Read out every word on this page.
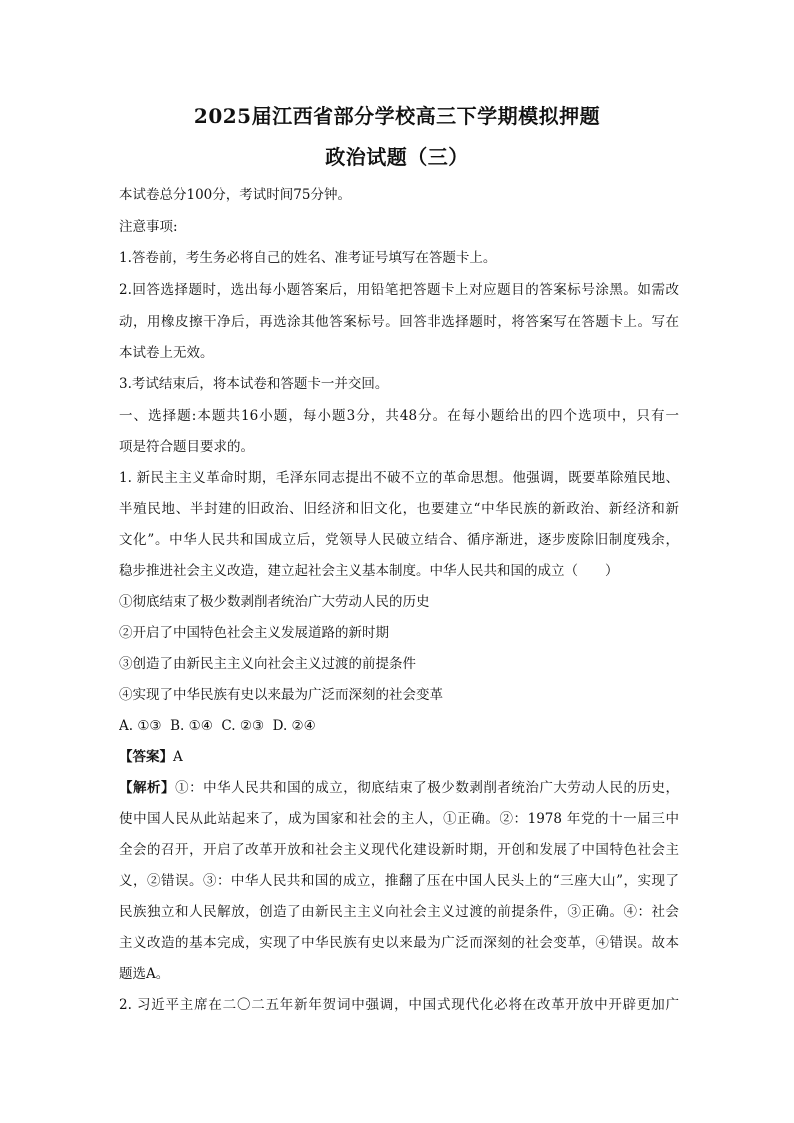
2025届江西省部分学校高三下学期模拟押题
政治试题（三）
本试卷总分100分，考试时间75分钟。
注意事项:
1.答卷前，考生务必将自己的姓名、准考证号填写在答题卡上。
2.回答选择题时，选出每小题答案后，用铅笔把答题卡上对应题目的答案标号涂黑。如需改
动，用橡皮擦干净后，再选涂其他答案标号。回答非选择题时，将答案写在答题卡上。写在
本试卷上无效。
3.考试结束后，将本试卷和答题卡一并交回。
一、选择题:本题共16小题，每小题3分，共48分。在每小题给出的四个选项中，只有一
项是符合题目要求的。
1. 新民主主义革命时期，毛泽东同志提出不破不立的革命思想。他强调，既要革除殖民地、
半殖民地、半封建的旧政治、旧经济和旧文化，也要建立“中华民族的新政治、新经济和新
文化”。中华人民共和国成立后，党领导人民破立结合、循序渐进，逐步废除旧制度残余，
稳步推进社会主义改造，建立起社会主义基本制度。中华人民共和国的成立（　　）
①彻底结束了极少数剥削者统治广大劳动人民的历史
②开启了中国特色社会主义发展道路的新时期
③创造了由新民主主义向社会主义过渡的前提条件
④实现了中华民族有史以来最为广泛而深刻的社会变革
A. ①③  B. ①④  C. ②③  D. ②④
【答案】A
【解析】①：中华人民共和国的成立，彻底结束了极少数剥削者统治广大劳动人民的历史，
使中国人民从此站起来了，成为国家和社会的主人，①正确。②：1978 年党的十一届三中
全会的召开，开启了改革开放和社会主义现代化建设新时期，开创和发展了中国特色社会主
义，②错误。③：中华人民共和国的成立，推翻了压在中国人民头上的“三座大山”，实现了
民族独立和人民解放，创造了由新民主主义向社会主义过渡的前提条件，③正确。④：社会
主义改造的基本完成，实现了中华民族有史以来最为广泛而深刻的社会变革，④错误。故本
题选A。
2. 习近平主席在二〇二五年新年贺词中强调，中国式现代化必将在改革开放中开辟更加广
